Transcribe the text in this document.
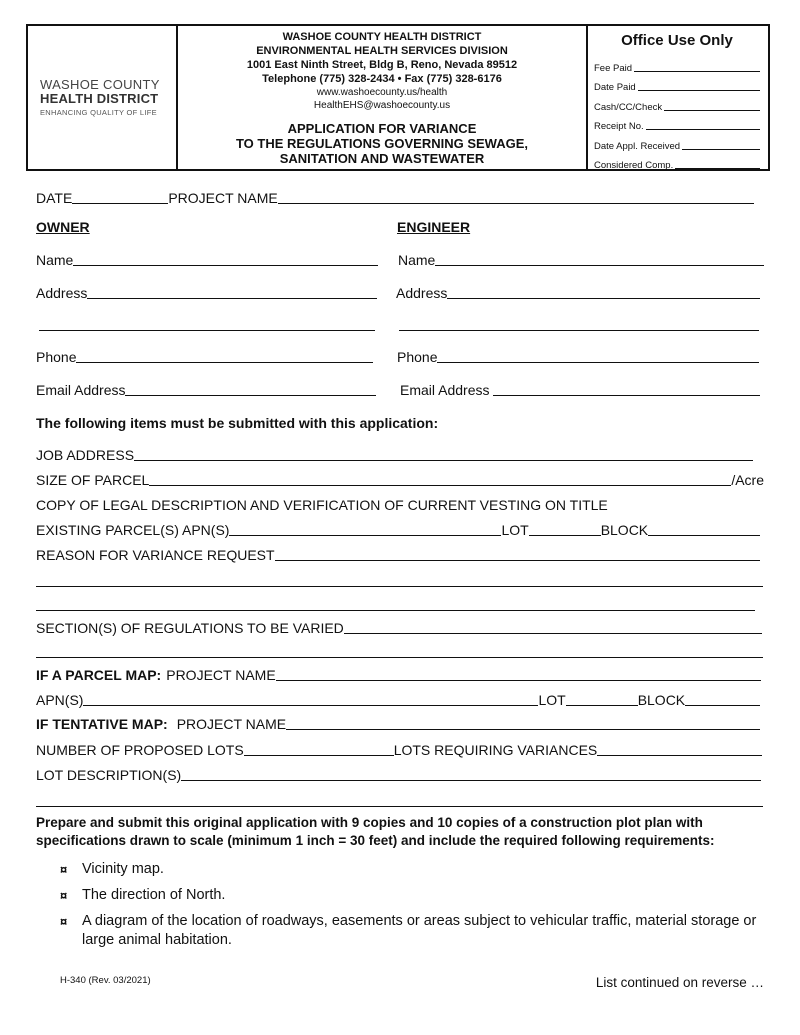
WASHOE COUNTY
HEALTH DISTRICT
ENHANCING QUALITY OF LIFE
WASHOE COUNTY HEALTH DISTRICT
ENVIRONMENTAL HEALTH SERVICES DIVISION
1001 East Ninth Street, Bldg B, Reno, Nevada 89512
Telephone (775) 328-2434 • Fax (775) 328-6176
www.washoecounty.us/health
HealthEHS@washoecounty.us
APPLICATION FOR VARIANCE
TO THE REGULATIONS GOVERNING SEWAGE,
SANITATION AND WASTEWATER
Office Use Only
Fee Paid
Date Paid
Cash/CC/Check
Receipt No.
Date Appl. Received
Considered Comp.
DATE	PROJECT NAME
OWNER	ENGINEER
Name	Name
Address	Address
Phone	Phone
Email Address	Email Address
The following items must be submitted with this application:
JOB ADDRESS
SIZE OF PARCEL	/Acre
COPY OF LEGAL DESCRIPTION AND VERIFICATION OF CURRENT VESTING ON TITLE
EXISTING PARCEL(S) APN(S)	LOT	BLOCK
REASON FOR VARIANCE REQUEST
SECTION(S) OF REGULATIONS TO BE VARIED
IF A PARCEL MAP: PROJECT NAME
APN(S)	LOT	BLOCK
IF TENTATIVE MAP: PROJECT NAME
NUMBER OF PROPOSED LOTS	LOTS REQUIRING VARIANCES
LOT DESCRIPTION(S)
Prepare and submit this original application with 9 copies and 10 copies of a construction plot plan with specifications drawn to scale (minimum 1 inch = 30 feet) and include the required following requirements:
¤	Vicinity map.
¤	The direction of North.
¤	A diagram of the location of roadways, easements or areas subject to vehicular traffic, material storage or large animal habitation.
H-340 (Rev. 03/2021)	List continued on reverse …
